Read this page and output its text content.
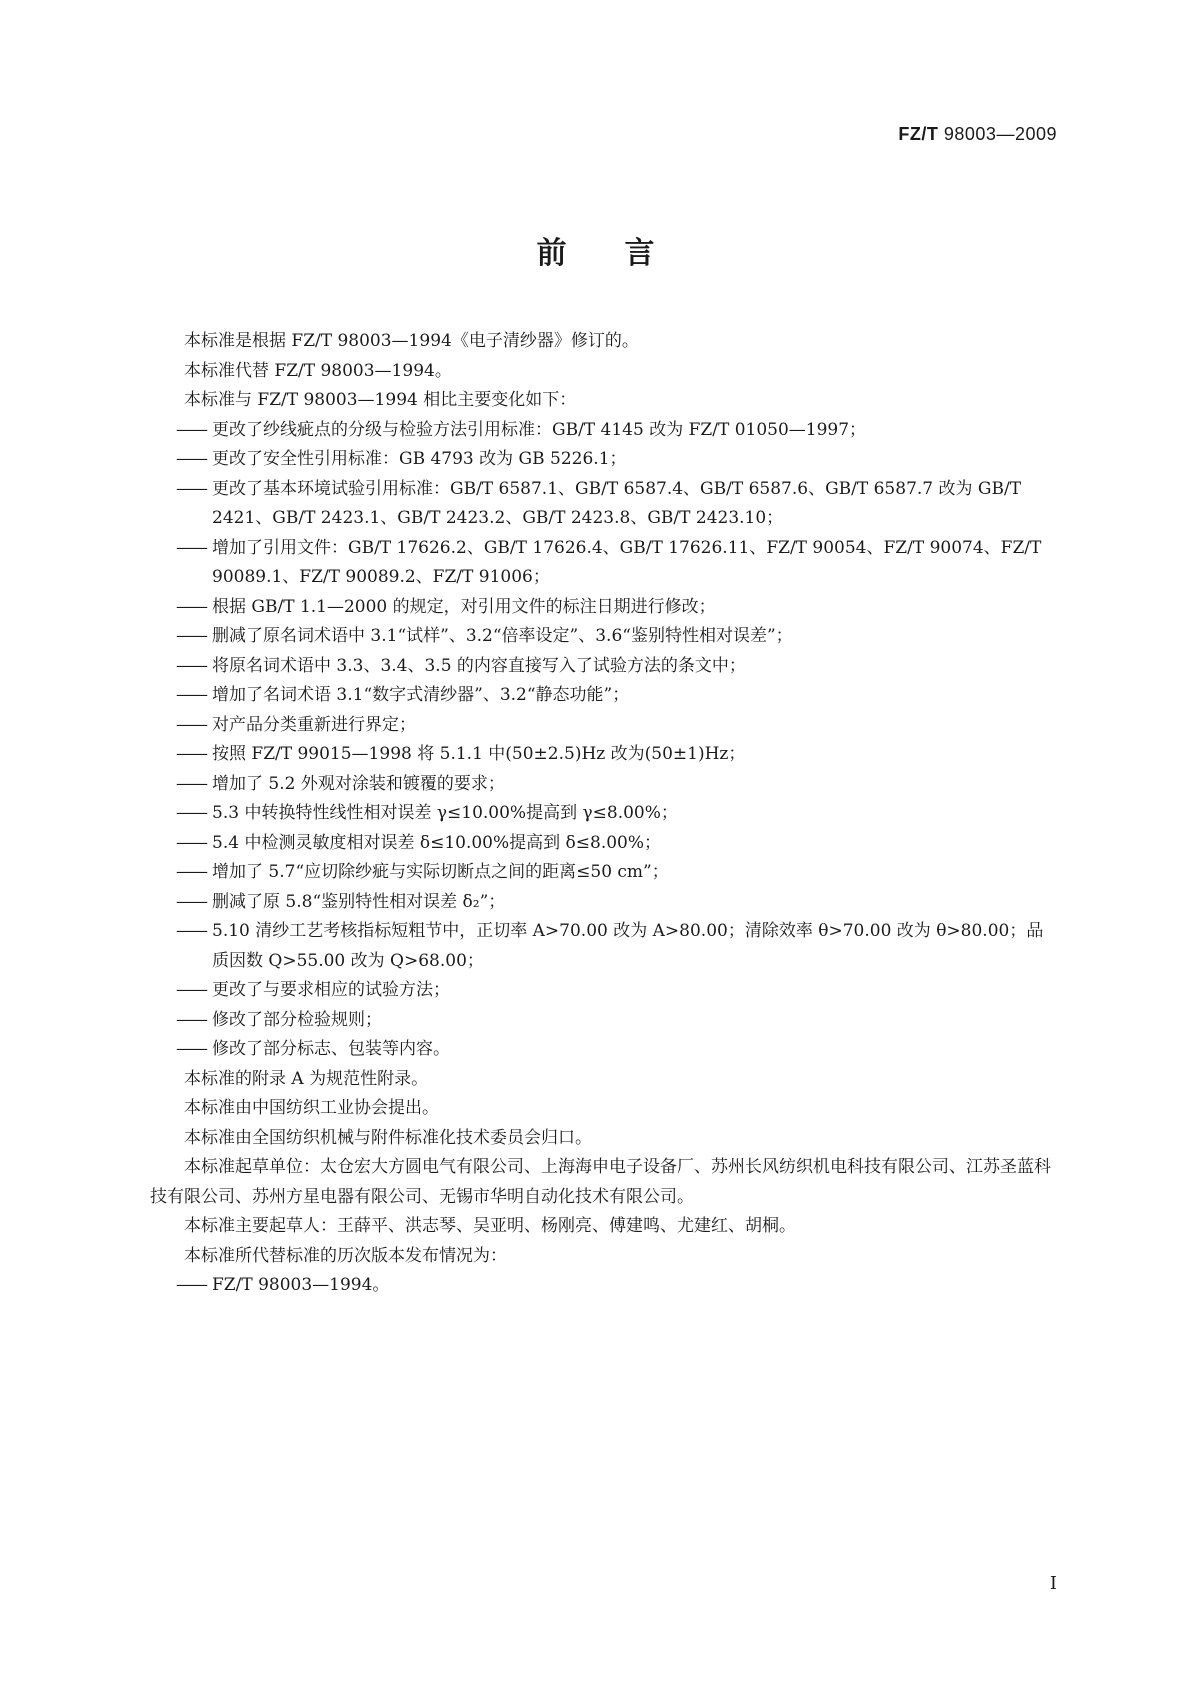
FZ/T 98003—2009
前言

本标准是根据 FZ/T 98003—1994《电子清纱器》修订的。

本标准代替 FZ/T 98003—1994。

本标准与 FZ/T 98003—1994 相比主要变化如下：

—— 更改了纱线疵点的分级与检验方法引用标准：GB/T 4145 改为 FZ/T 01050—1997；

—— 更改了安全性引用标准：GB 4793 改为 GB 5226.1；

—— 更改了基本环境试验引用标准：GB/T 6587.1、GB/T 6587.4、GB/T 6587.6、GB/T 6587.7 改为 GB/T 2421、GB/T 2423.1、GB/T 2423.2、GB/T 2423.8、GB/T 2423.10；

—— 增加了引用文件：GB/T 17626.2、GB/T 17626.4、GB/T 17626.11、FZ/T 90054、FZ/T 90074、FZ/T 90089.1、FZ/T 90089.2、FZ/T 91006；

—— 根据 GB/T 1.1—2000 的规定，对引用文件的标注日期进行修改；

—— 删减了原名词术语中 3.1“试样”、3.2“倍率设定”、3.6“鉴别特性相对误差”；

—— 将原名词术语中 3.3、3.4、3.5 的内容直接写入了试验方法的条文中；

—— 增加了名词术语 3.1“数字式清纱器”、3.2“静态功能”；

—— 对产品分类重新进行界定；

—— 按照 FZ/T 99015—1998 将 5.1.1 中(50±2.5)Hz 改为(50±1)Hz；

—— 增加了 5.2 外观对涂装和镀覆的要求；

—— 5.3 中转换特性线性相对误差 γ≤10.00%提高到 γ≤8.00%；

—— 5.4 中检测灵敏度相对误差 δ≤10.00%提高到 δ≤8.00%；

—— 增加了 5.7“应切除纱疵与实际切断点之间的距离≤50 cm”；

—— 删减了原 5.8“鉴别特性相对误差 δ₂”；

—— 5.10 清纱工艺考核指标短粗节中，正切率 A>70.00 改为 A>80.00；清除效率 θ>70.00 改为 θ>80.00；品质因数 Q>55.00 改为 Q>68.00；

—— 更改了与要求相应的试验方法；

—— 修改了部分检验规则；

—— 修改了部分标志、包装等内容。

本标准的附录 A 为规范性附录。

本标准由中国纺织工业协会提出。

本标准由全国纺织机械与附件标准化技术委员会归口。

本标准起草单位：太仓宏大方圆电气有限公司、上海海申电子设备厂、苏州长风纺织机电科技有限公司、江苏圣蓝科技有限公司、苏州方星电器有限公司、无锡市华明自动化技术有限公司。

本标准主要起草人：王薛平、洪志琴、吴亚明、杨刚亮、傅建鸣、尤建红、胡桐。

本标准所代替标准的历次版本发布情况为：

—— FZ/T 98003—1994。

I
